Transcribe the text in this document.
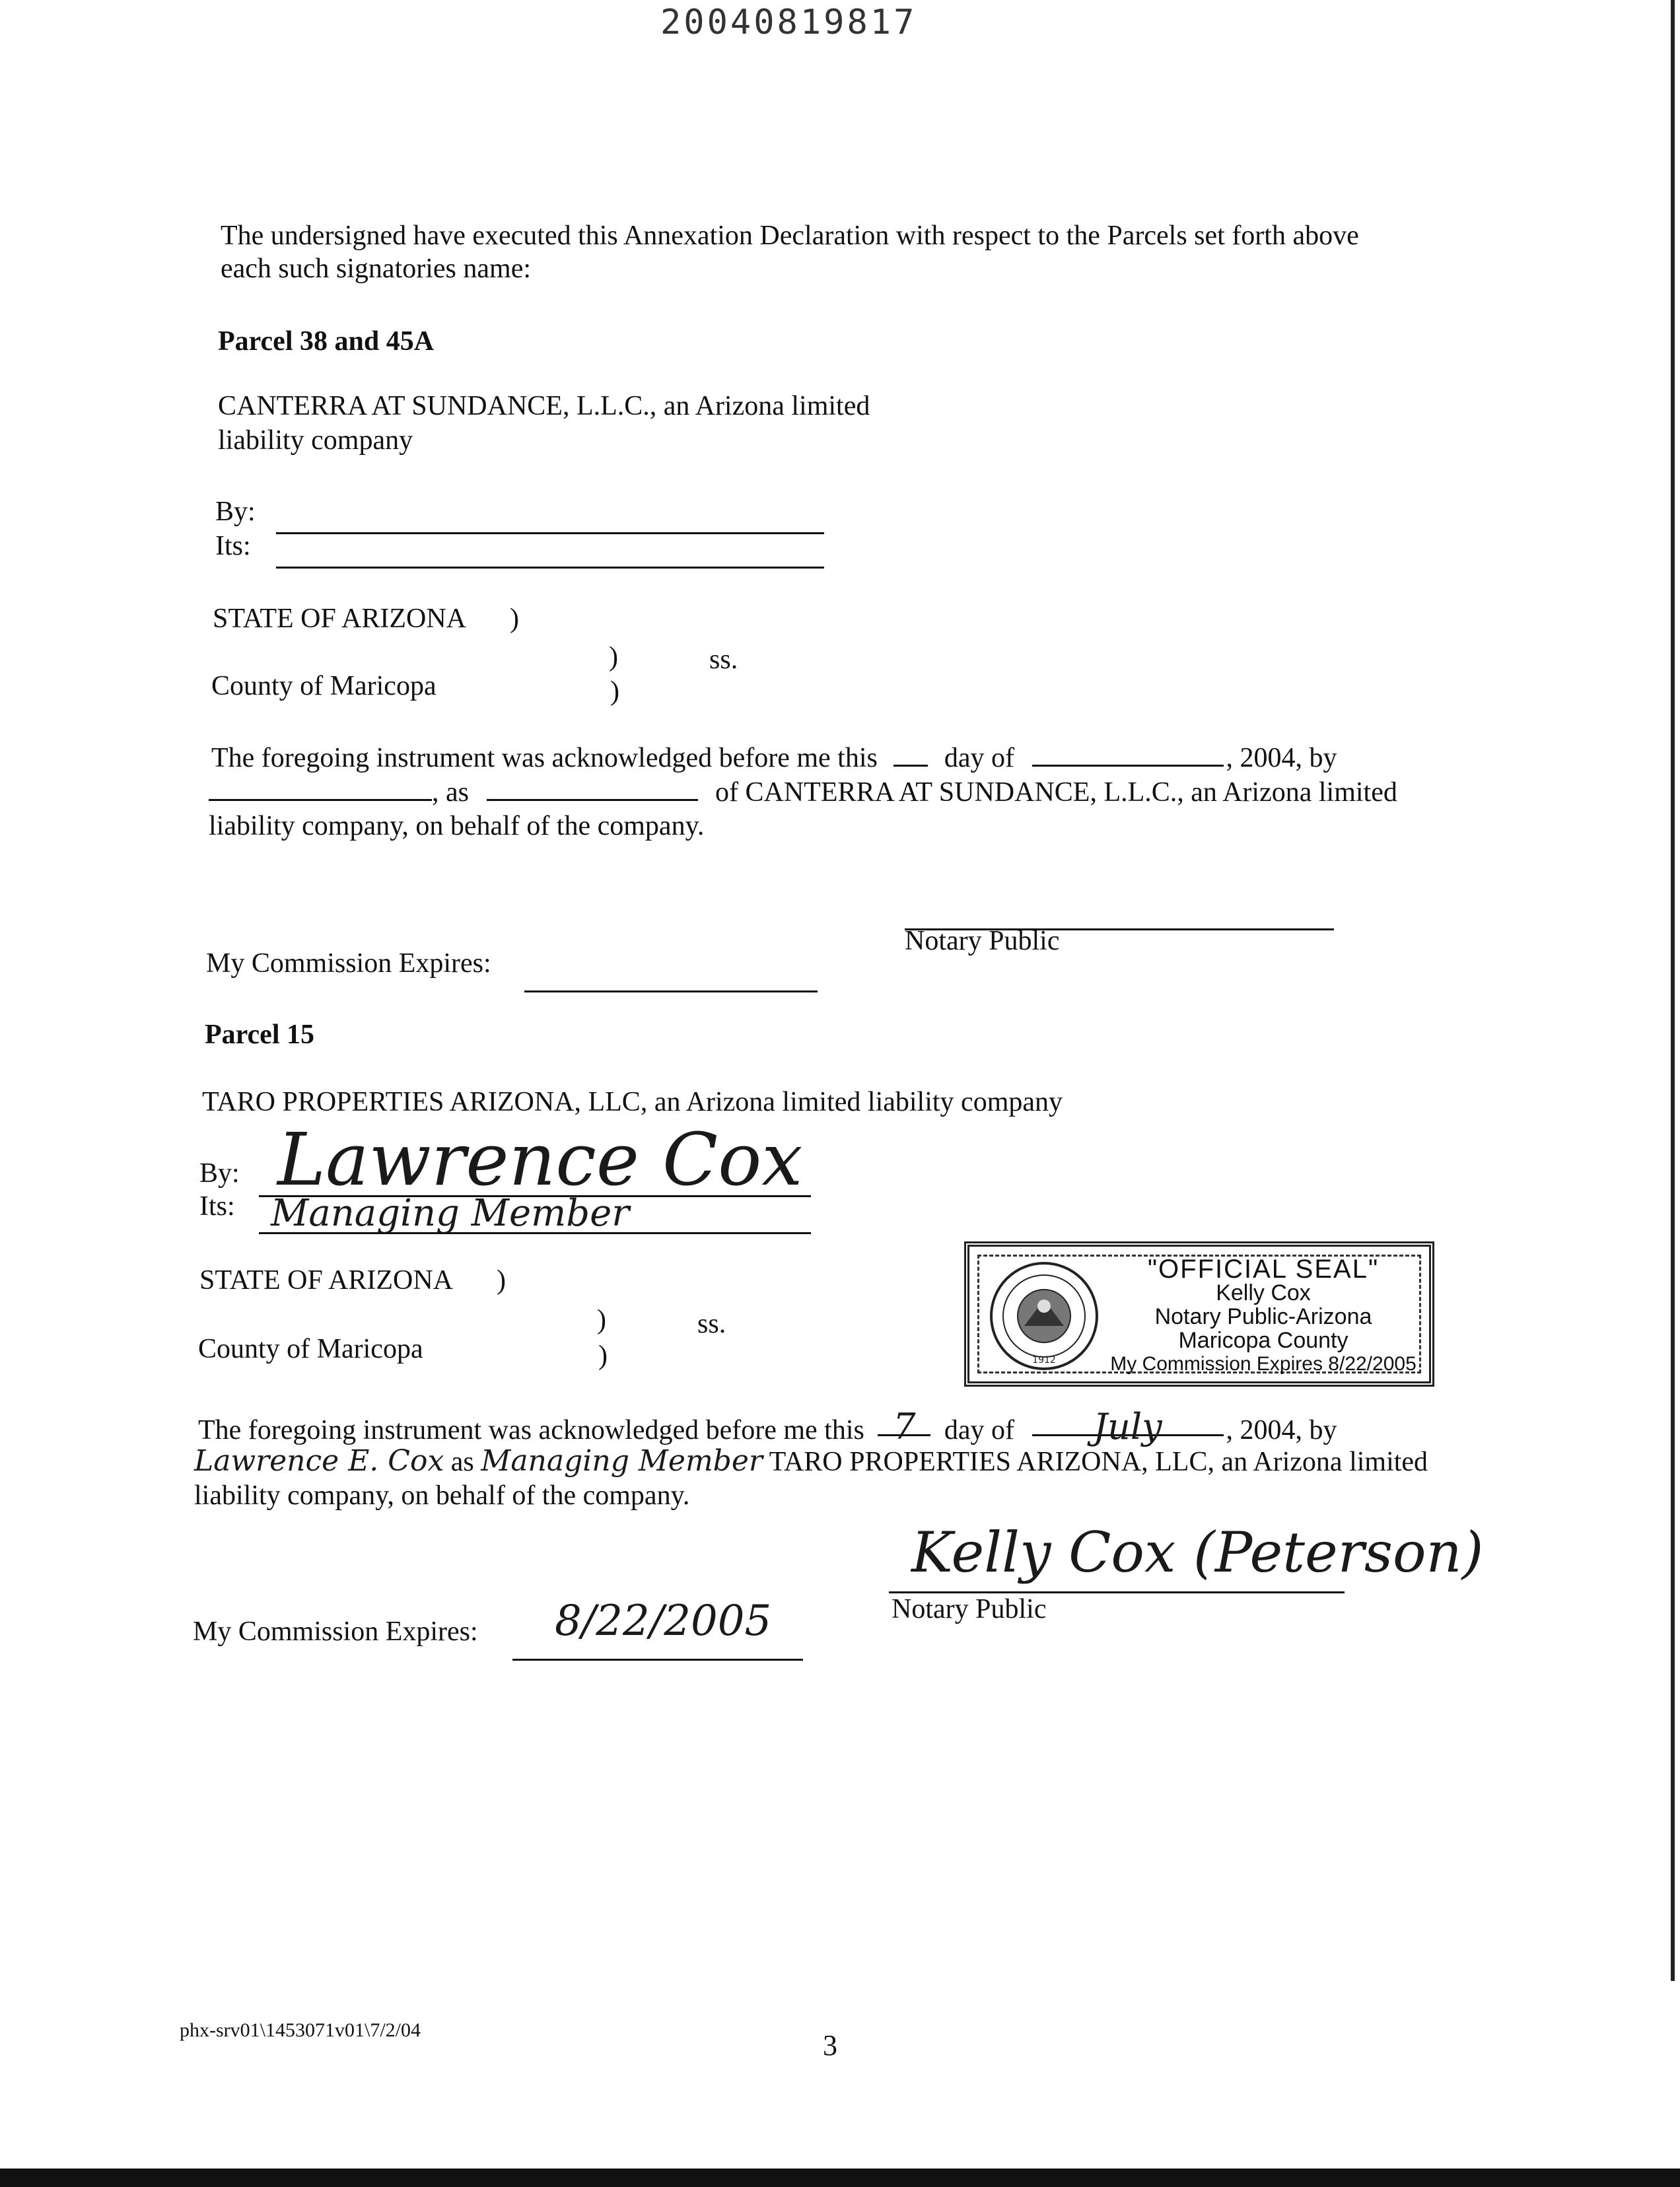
20040819817
The undersigned have executed this Annexation Declaration with respect to the Parcels set forth above
each such signatories name:
Parcel 38 and 45A
CANTERRA AT SUNDANCE, L.L.C., an Arizona limited
liability company
By:
Its:
STATE OF ARIZONA )
)	ss.
County of Maricopa	)
The foregoing instrument was acknowledged before me this day of	, 2004, by
, as	of CANTERRA AT SUNDANCE, L.L.C., an Arizona limited
liability company, on behalf of the company.
Notary Public
My Commission Expires:
Parcel 15
TARO PROPERTIES ARIZONA, LLC, an Arizona limited liability company
By: Lawrence Cox
Its: Managing Member
STATE OF ARIZONA )
)	ss.
County of Maricopa	)	1912
"OFFICIAL SEAL"
Kelly Cox
Notary Public-Arizona
Maricopa County
My Commission Expires 8/22/2005
The foregoing instrument was acknowledged before me this 7 day of July , 2004, by
Lawrence E. Cox as Managing Member TARO PROPERTIES ARIZONA, LLC, an Arizona limited
liability company, on behalf of the company.
Kelly Cox (Peterson)
Notary Public
My Commission Expires: 8/22/2005
phx-srv01\1453071v01\7/2/04	3
